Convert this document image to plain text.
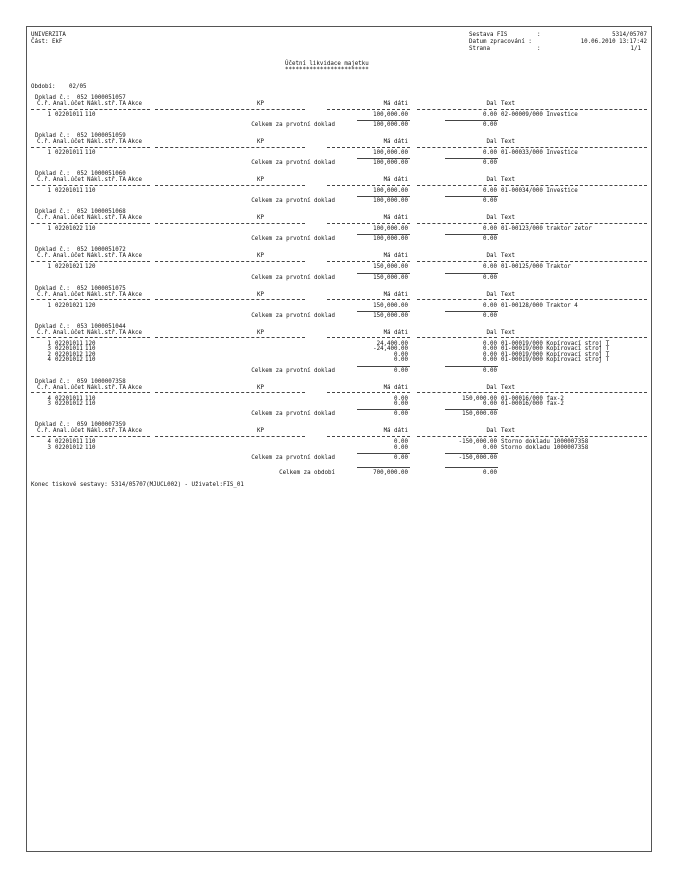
UNIVERZITA
Část: EkF
Sestava FIS	:	5314/05707
Datum zpracování :	10.06.2010 13:17:42
Strana	:	1/1
Účetní likvidace majetku
************************
Období: 02/05
Doklad č.:  052 1000051057
Č.ř. Anal.účet Nákl.stř. TA Akce	KP	Má dáti	Dal Text
1 02201011 110	100,000.00	0.00 02-00009/000 Investice
Celkem za prvotní doklad	100,000.00	0.00
Doklad č.:  052 1000051059
Č.ř. Anal.účet Nákl.stř. TA Akce	KP	Má dáti	Dal Text
1 02201011 110	100,000.00	0.00 01-00033/000 Investice
Celkem za prvotní doklad	100,000.00	0.00
Doklad č.:  052 1000051060
Č.ř. Anal.účet Nákl.stř. TA Akce	KP	Má dáti	Dal Text
1 02201011 110	100,000.00	0.00 01-00034/000 Investice
Celkem za prvotní doklad	100,000.00	0.00
Doklad č.:  052 1000051068
Č.ř. Anal.účet Nákl.stř. TA Akce	KP	Má dáti	Dal Text
1 02201022 110	100,000.00	0.00 01-00123/000 traktor zetor
Celkem za prvotní doklad	100,000.00	0.00
Doklad č.:  052 1000051072
Č.ř. Anal.účet Nákl.stř. TA Akce	KP	Má dáti	Dal Text
1 02201021 120	150,000.00	0.00 01-00125/000 Traktor
Celkem za prvotní doklad	150,000.00	0.00
Doklad č.:  052 1000051075
Č.ř. Anal.účet Nákl.stř. TA Akce	KP	Má dáti	Dal Text
1 02201021 120	150,000.00	0.00 01-00128/000 Traktor 4
Celkem za prvotní doklad	150,000.00	0.00
Doklad č.:  053 1000051044
Č.ř. Anal.účet Nákl.stř. TA Akce	KP	Má dáti	Dal Text
1 02201011 120	24,400.00	0.00 01-00019/000 Kopírovací stroj T
3 02201011 110	-24,400.00	0.00 01-00019/000 Kopírovací stroj T
2 02201012 120	0.00	0.00 01-00019/000 Kopírovací stroj T
4 02201012 110	0.00	0.00 01-00019/000 Kopírovací stroj T
Celkem za prvotní doklad	0.00	0.00
Doklad č.:  059 1000007358
Č.ř. Anal.účet Nákl.stř. TA Akce	KP	Má dáti	Dal Text
4 02201011 110	0.00	150,000.00 01-00016/000 fax-2
3 02201012 110	0.00	0.00 01-00016/000 fax-2
Celkem za prvotní doklad	0.00	150,000.00
Doklad č.:  059 1000007359
Č.ř. Anal.účet Nákl.stř. TA Akce	KP	Má dáti	Dal Text
4 02201011 110	0.00	-150,000.00 Storno dokladu 1000007358
3 02201012 110	0.00	0.00 Storno dokladu 1000007358
Celkem za prvotní doklad	0.00	-150,000.00
Celkem za období	700,000.00	0.00
Konec tiskové sestavy: 5314/05707(MJUCL002) - Uživatel:FIS_01
